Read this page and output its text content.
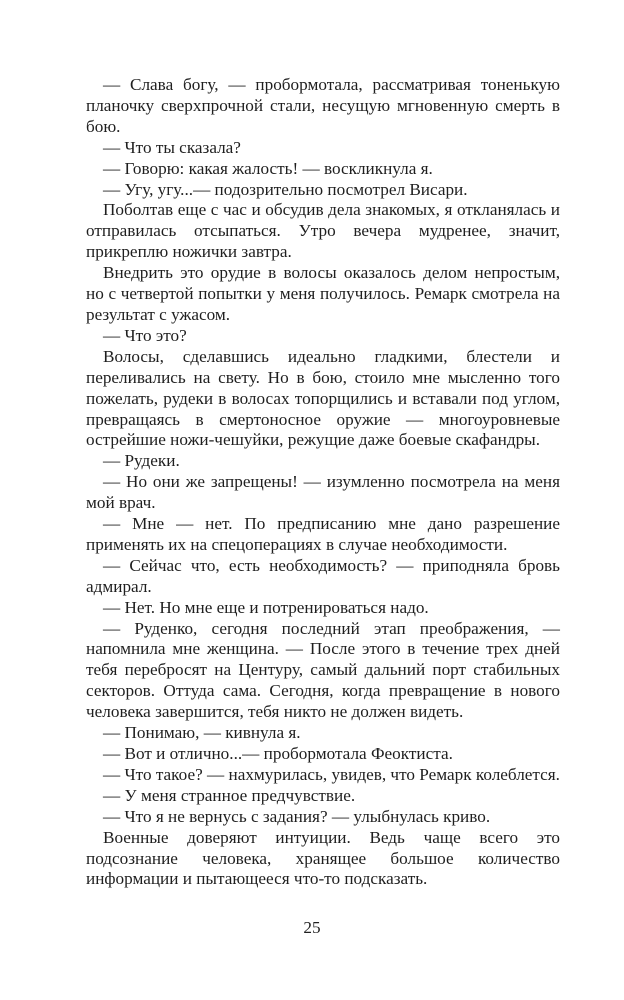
— Слава богу, — пробормотала, рассматривая тоненькую планочку сверхпрочной стали, несущую мгновенную смерть в бою.

— Что ты сказала?

— Говорю: какая жалость! — воскликнула я.

— Угу, угу...— подозрительно посмотрел Висари.

Поболтав еще с час и обсудив дела знакомых, я откланялась и отправилась отсыпаться. Утро вечера мудренее, значит, прикреплю ножички завтра.

Внедрить это орудие в волосы оказалось делом непростым, но с четвертой попытки у меня получилось. Ремарк смотрела на результат с ужасом.

— Что это?

Волосы, сделавшись идеально гладкими, блестели и переливались на свету. Но в бою, стоило мне мысленно того пожелать, рудеки в волосах топорщились и вставали под углом, превращаясь в смертоносное оружие — многоуровневые острейшие ножи-чешуйки, режущие даже боевые скафандры.

— Рудеки.

— Но они же запрещены! — изумленно посмотрела на меня мой врач.

— Мне — нет. По предписанию мне дано разрешение применять их на спецоперациях в случае необходимости.

— Сейчас что, есть необходимость? — приподняла бровь адмирал.

— Нет. Но мне еще и потренироваться надо.

— Руденко, сегодня последний этап преображения, — напомнила мне женщина. — После этого в течение трех дней тебя перебросят на Центуру, самый дальний порт стабильных секторов. Оттуда сама. Сегодня, когда превращение в нового человека завершится, тебя никто не должен видеть.

— Понимаю, — кивнула я.

— Вот и отлично...— пробормотала Феоктиста.

— Что такое? — нахмурилась, увидев, что Ремарк колеблется.

— У меня странное предчувствие.

— Что я не вернусь с задания? — улыбнулась криво.

Военные доверяют интуиции. Ведь чаще всего это подсознание человека, хранящее большое количество информации и пытающееся что-то подсказать.

25
